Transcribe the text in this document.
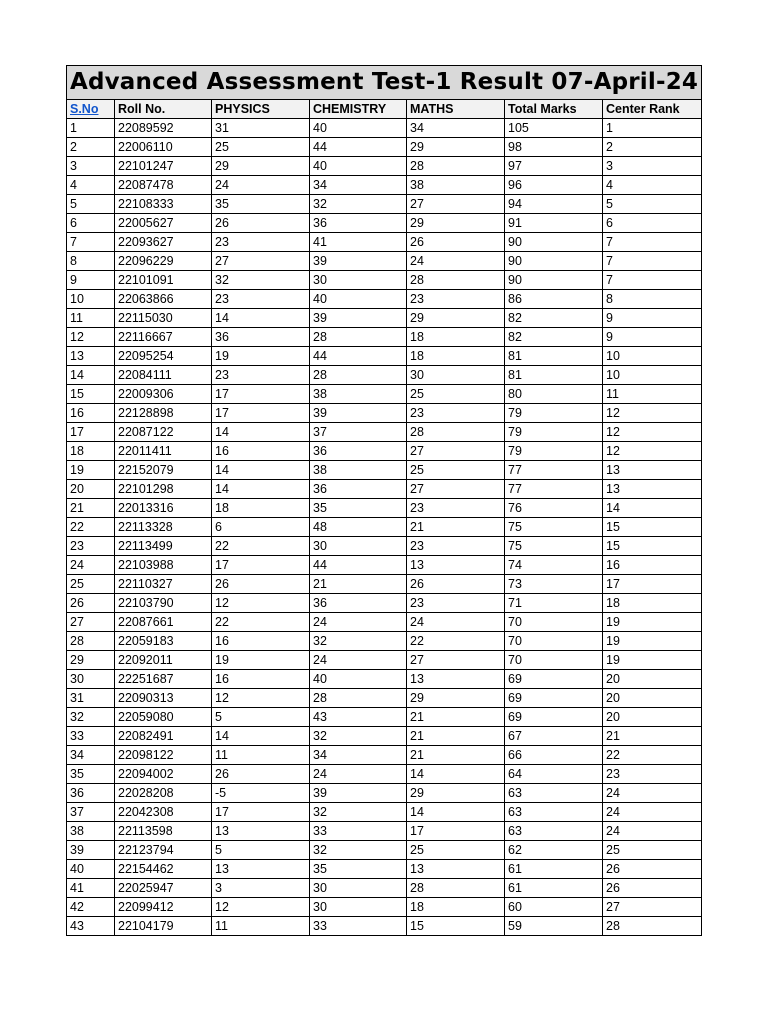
Advanced Assessment Test-1 Result 07-April-24						
S.No	Roll No.	PHYSICS	CHEMISTRY	MATHS	Total Marks	Center Rank
1	22089592	31	40	34	105	1
2	22006110	25	44	29	98	2
3	22101247	29	40	28	97	3
4	22087478	24	34	38	96	4
5	22108333	35	32	27	94	5
6	22005627	26	36	29	91	6
7	22093627	23	41	26	90	7
8	22096229	27	39	24	90	7
9	22101091	32	30	28	90	7
10	22063866	23	40	23	86	8
11	22115030	14	39	29	82	9
12	22116667	36	28	18	82	9
13	22095254	19	44	18	81	10
14	22084111	23	28	30	81	10
15	22009306	17	38	25	80	11
16	22128898	17	39	23	79	12
17	22087122	14	37	28	79	12
18	22011411	16	36	27	79	12
19	22152079	14	38	25	77	13
20	22101298	14	36	27	77	13
21	22013316	18	35	23	76	14
22	22113328	6	48	21	75	15
23	22113499	22	30	23	75	15
24	22103988	17	44	13	74	16
25	22110327	26	21	26	73	17
26	22103790	12	36	23	71	18
27	22087661	22	24	24	70	19
28	22059183	16	32	22	70	19
29	22092011	19	24	27	70	19
30	22251687	16	40	13	69	20
31	22090313	12	28	29	69	20
32	22059080	5	43	21	69	20
33	22082491	14	32	21	67	21
34	22098122	11	34	21	66	22
35	22094002	26	24	14	64	23
36	22028208	-5	39	29	63	24
37	22042308	17	32	14	63	24
38	22113598	13	33	17	63	24
39	22123794	5	32	25	62	25
40	22154462	13	35	13	61	26
41	22025947	3	30	28	61	26
42	22099412	12	30	18	60	27
43	22104179	11	33	15	59	28
